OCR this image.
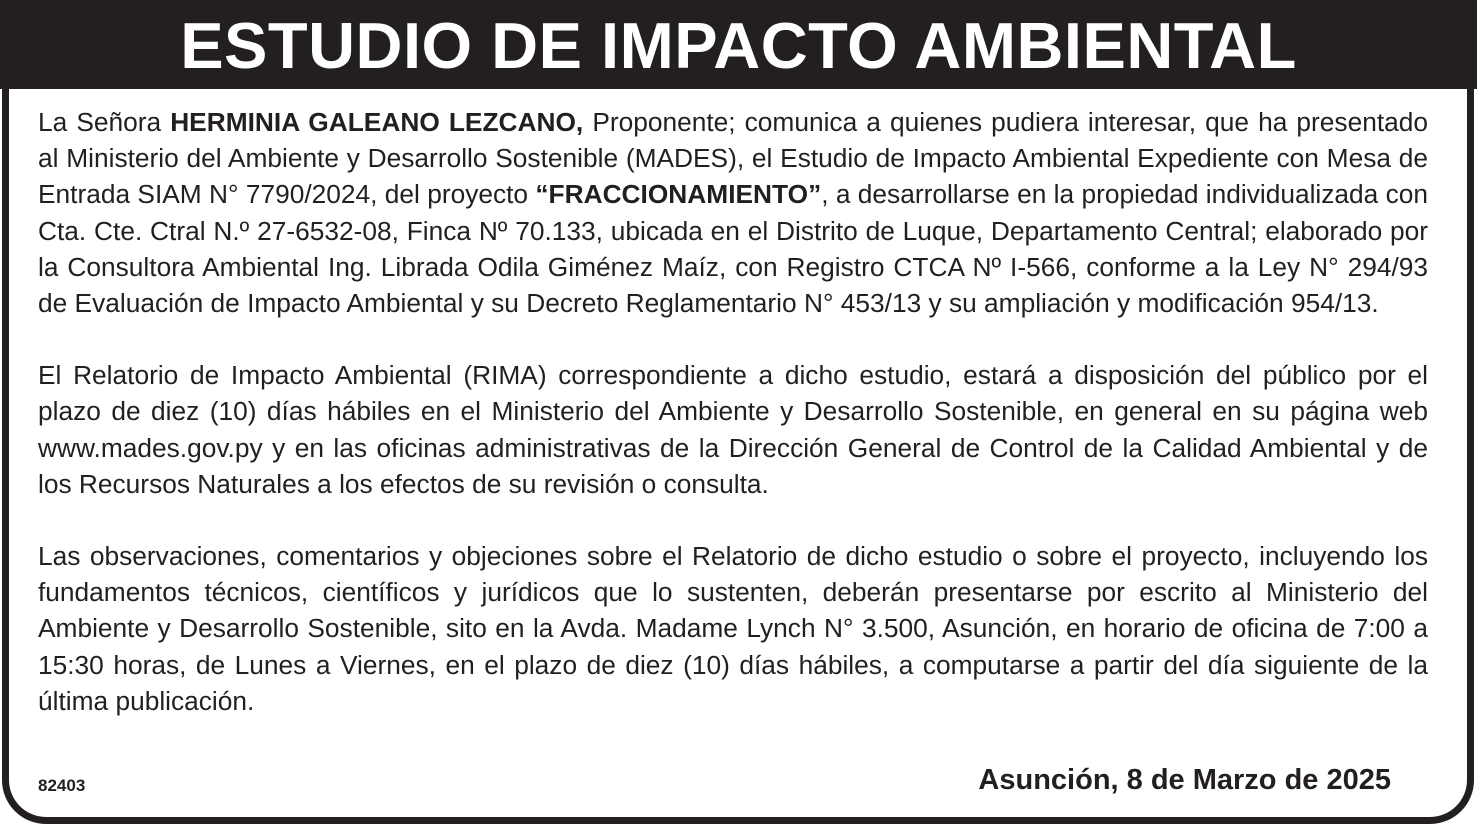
ESTUDIO DE IMPACTO AMBIENTAL

La Señora HERMINIA GALEANO LEZCANO, Proponente; comunica a quienes pudiera interesar, que ha presentado al Ministerio del Ambiente y Desarrollo Sostenible (MADES), el Estudio de Impacto Ambiental Expediente con Mesa de Entrada SIAM N° 7790/2024, del proyecto “FRACCIONAMIENTO”, a desarrollarse en la propiedad individualizada con Cta. Cte. Ctral N.º 27-6532-08, Finca Nº 70.133, ubicada en el Distrito de Luque, Departamento Central; elaborado por la Consultora Ambiental Ing. Librada Odila Giménez Maíz, con Registro CTCA Nº I-566, conforme a la Ley N° 294/93 de Evaluación de Impacto Ambiental y su Decreto Reglamentario N° 453/13 y su ampliación y modificación 954/13.

El Relatorio de Impacto Ambiental (RIMA) correspondiente a dicho estudio, estará a disposición del público por el plazo de diez (10) días hábiles en el Ministerio del Ambiente y Desarrollo Sostenible, en general en su página web www.mades.gov.py y en las oficinas administrativas de la Dirección General de Control de la Calidad Ambiental y de los Recursos Naturales a los efectos de su revisión o consulta.

Las observaciones, comentarios y objeciones sobre el Relatorio de dicho estudio o sobre el proyecto, incluyendo los fundamentos técnicos, científicos y jurídicos que lo sustenten, deberán presentarse por escrito al Ministerio del Ambiente y Desarrollo Sostenible, sito en la Avda. Madame Lynch N° 3.500, Asunción, en horario de oficina de 7:00 a 15:30 horas, de Lunes a Viernes, en el plazo de diez (10) días hábiles, a computarse a partir del día siguiente de la última publicación.

82403	Asunción, 8 de Marzo de 2025
